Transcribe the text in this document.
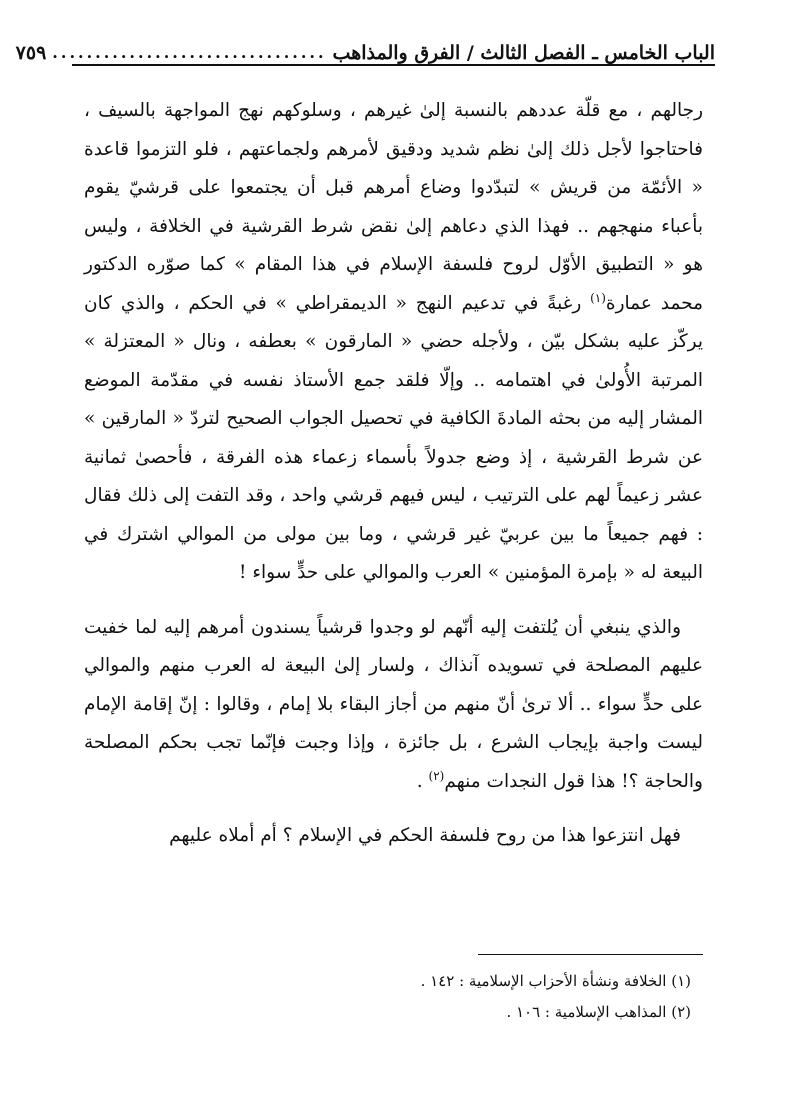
الباب الخامس ـ الفصل الثالث / الفرق والمذاهب
................................
٧٥٩

رجالهم ، مع قلّة عددهم بالنسبة إلىٰ غيرهم ، وسلوكهم نهج المواجهة بالسيف ، فاحتاجوا لأجل ذلك إلىٰ نظم شديد ودقيق لأمرهم ولجماعتهم ، فلو التزموا قاعدة « الأئمّة من قريش » لتبدّدوا وضاع أمرهم قبل أن يجتمعوا على قرشيّ يقوم بأعباء منهجهم .. فهذا الذي دعاهم إلىٰ نقض شرط القرشية في الخلافة ، وليس هو « التطبيق الأوّل لروح فلسفة الإسلام في هذا المقام » كما صوّره الدكتور محمد عمارة$^{(١)}$ رغبةً في تدعيم النهج « الديمقراطي » في الحكم ، والذي كان يركّز عليه بشكل بيّن ، ولأجله حضي « المارقون » بعطفه ، ونال « المعتزلة » المرتبة الأُولىٰ في اهتمامه .. وإلّا فلقد جمع الأستاذ نفسه في مقدّمة الموضع المشار إليه من بحثه المادةَ الكافية في تحصيل الجواب الصحيح لتردّ « المارقين » عن شرط القرشية ، إذ وضع جدولاً بأسماء زعماء هذه الفرقة ، فأحصىٰ ثمانية عشر زعيماً لهم على الترتيب ، ليس فيهم قرشي واحد ، وقد التفت إلى ذلك فقال : فهم جميعاً ما بين عربيّ غير قرشي ، وما بين مولى من الموالي اشترك في البيعة له « بإمرة المؤمنين » العرب والموالي على حدٍّ سواء !

والذي ينبغي أن يُلتفت إليه أنّهم لو وجدوا قرشياً يسندون أمرهم إليه لما خفيت عليهم المصلحة في تسويده آنذاك ، ولسار إلىٰ البيعة له العرب منهم والموالي على حدٍّ سواء .. ألا ترىٰ أنّ منهم من أجاز البقاء بلا إمام ، وقالوا : إنّ إقامة الإمام ليست واجبة بإيجاب الشرع ، بل جائزة ، وإذا وجبت فإنّما تجب بحكم المصلحة والحاجة ؟! هذا قول النجدات منهم$^{(٢)}$ .

فهل انتزعوا هذا من روح فلسفة الحكم في الإسلام ؟ أم أملاه عليهم

(١) الخلافة ونشأة الأحزاب الإسلامية : ١٤٢ .
(٢) المذاهب الإسلامية : ١٠٦ .
